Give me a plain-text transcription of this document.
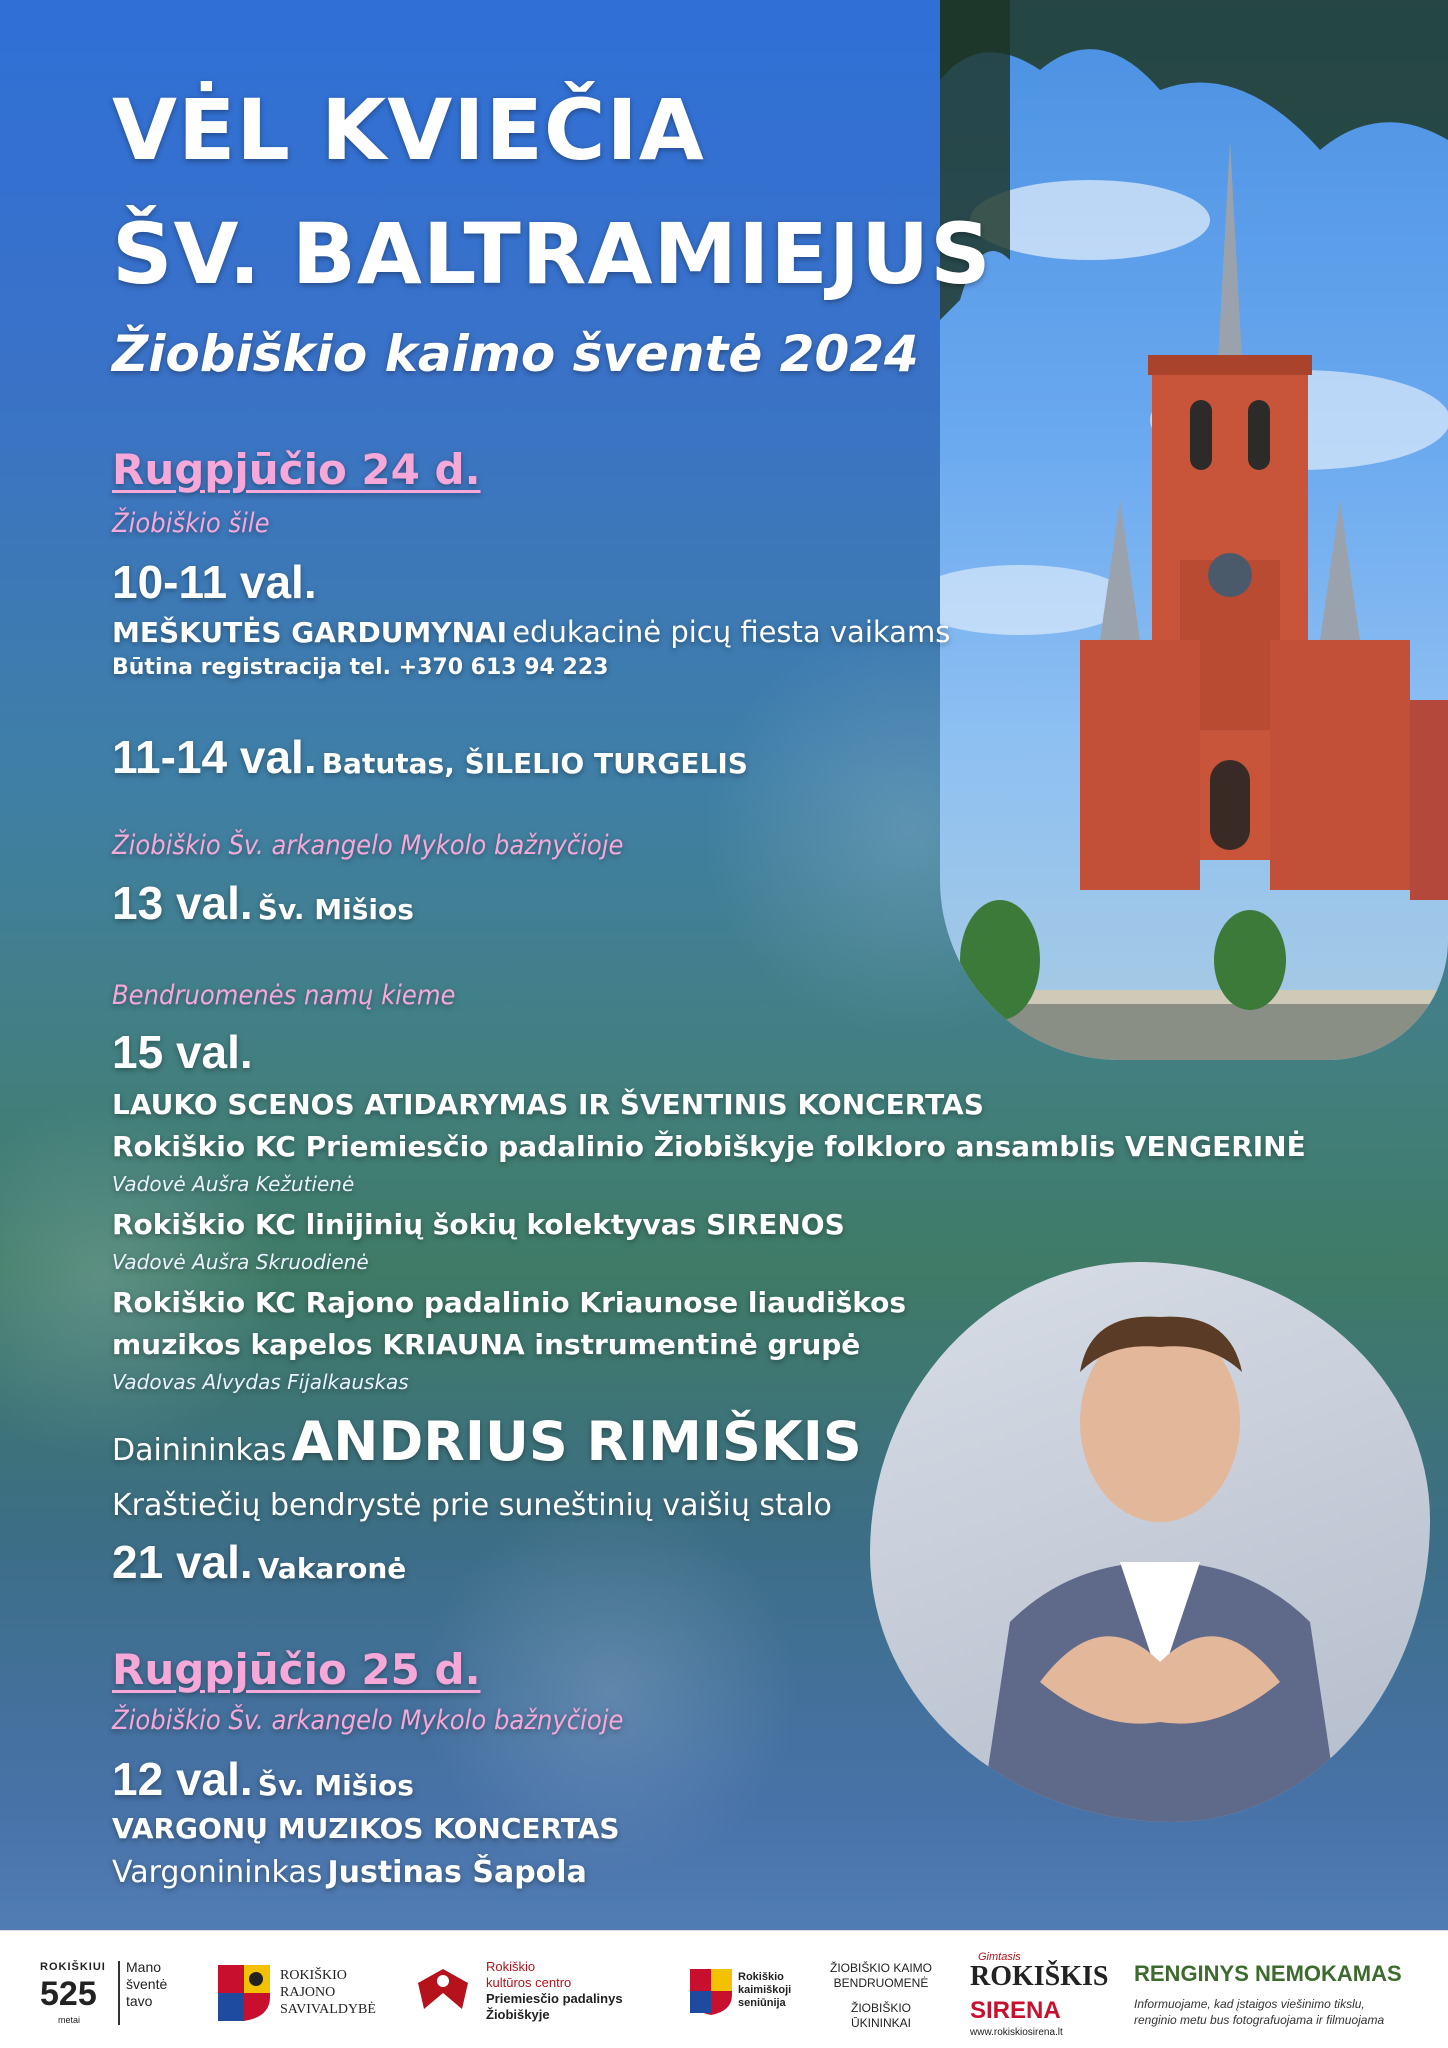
VĖL KVIEČIA
ŠV. BALTRAMIEJUS
Žiobiškio kaimo šventė 2024
Rugpjūčio 24 d.
Žiobiškio šile
10-11 val.
MEŠKUTĖS GARDUMYNAI edukacinė picų fiesta vaikams
Būtina registracija tel. +370 613 94 223
11-14 val. Batutas, ŠILELIO TURGELIS
Žiobiškio Šv. arkangelo Mykolo bažnyčioje
13 val. Šv. Mišios
Bendruomenės namų kieme
15 val.
LAUKO SCENOS ATIDARYMAS IR ŠVENTINIS KONCERTAS
Rokiškio KC Priemiesčio padalinio Žiobiškyje folkloro ansamblis VENGERINĖ
Vadovė Aušra Kežutienė
Rokiškio KC linijinių šokių kolektyvas SIRENOS
Vadovė Aušra Skruodienė
Rokiškio KC Rajono padalinio Kriaunose liaudiškos
muzikos kapelos KRIAUNA instrumentinė grupė
Vadovas Alvydas Fijalkauskas
Dainininkas ANDRIUS RIMIŠKIS
Kraštiečių bendrystė prie suneštinių vaišių stalo
21 val. Vakaronė
Rugpjūčio 25 d.
Žiobiškio Šv. arkangelo Mykolo bažnyčioje
12 val. Šv. Mišios
VARGONŲ MUZIKOS KONCERTAS
Vargonininkas Justinas Šapola
ROKIŠKIUI
525
metai
Mano
šventė
tavo
ROKIŠKIO
RAJONO
SAVIVALDYBĖ
Rokiškio
kultūros centro
Priemiesčio padalinys
Žiobiškyje
Rokiškio
kaimiškoji
seniūnija
ŽIOBIŠKIO KAIMO
BENDRUOMENĖ
ŽIOBIŠKIO
ŪKININKAI
Gimtasis
ROKIŠKIS
SIRENA
www.rokiskiosirena.lt
RENGINYS NEMOKAMAS
Informuojame, kad įstaigos viešinimo tikslu,
renginio metu bus fotografuojama ir filmuojama
